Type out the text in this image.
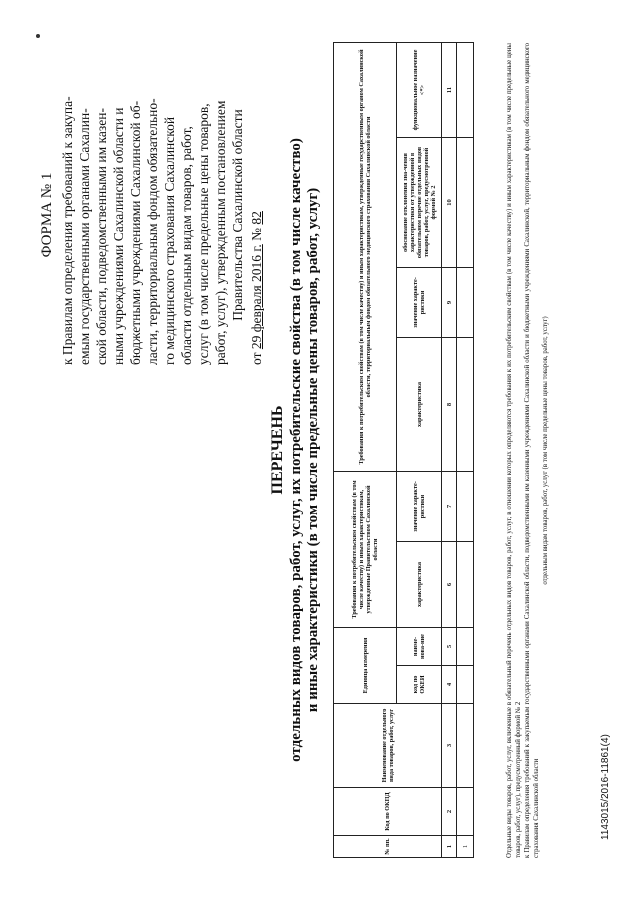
ФОРМА № 1 к Правилам определения требований к закупа- емым государственными органами Сахалин- ской области, подведомственными им казен- ными учреждениями Сахалинской области и бюджетными учреждениями Сахалинской об- ласти, территориальным фондом обязательно- го медицинского страхования Сахалинской области отдельным видам товаров, работ, услуг (в том числе предельные цены товаров, работ, услуг), утвержденным постановлением Правительства Сахалинской области
от 29 февраля 2016 г. № 82
ПЕРЕЧЕНЬ отдельных видов товаров, работ, услуг, их потребительские свойства (в том числе качество) и иные характеристики (в том числе предельные цены товаров, работ, услуг)
№ пп.	Код по ОКПД	Наименование отдельного вида товаров, работ, услуг	Единица измерения		Требования к потребительским свойствам (в том числе качеству) и иным характеристикам, утвержденные Правительством Сахалинской области		Требования к потребительским свойствам (в том числе качеству) и иным характеристикам, утвержденные государственным органом Сахалинской области, территориальным фондом обязательного медицинского страхования Сахалинской области			
			код по ОКЕИ	наиме-нова-ние	характеристика	значение характе-ристики	характеристика	значение характе-ристики	обоснование отклонения зна-чения характеристики от утвержденной в обязательном перечне отдельных видов товаров, работ, услуг, предусмотренной формой № 2	функциональное назначение <*>
1	2	3	4	5	6	7	8	9	10	11
1											Отдельные виды товаров, работ, услуг, включенные в обязательный перечень отдельных видов товаров, работ, услуг, в отношении которых определяются требования к их потребительским свойствам (в том числе качеству) и иным характеристикам (в том числе предельные цены товаров, работ, услуг), предусмотренный формой № 2 к Правилам определения требований к закупаемым государственными органами Сахалинской области, подведомственными им казенными учреждениями Сахалинской области и бюджетными учреждениями Сахалинской, территориальным фондом обязательного медицинского страхования Сахалинской области
отдельным видам товаров, работ, услуг (в том числе предельные цены товаров, работ, услуг)
1143015/2016-11861(4)
